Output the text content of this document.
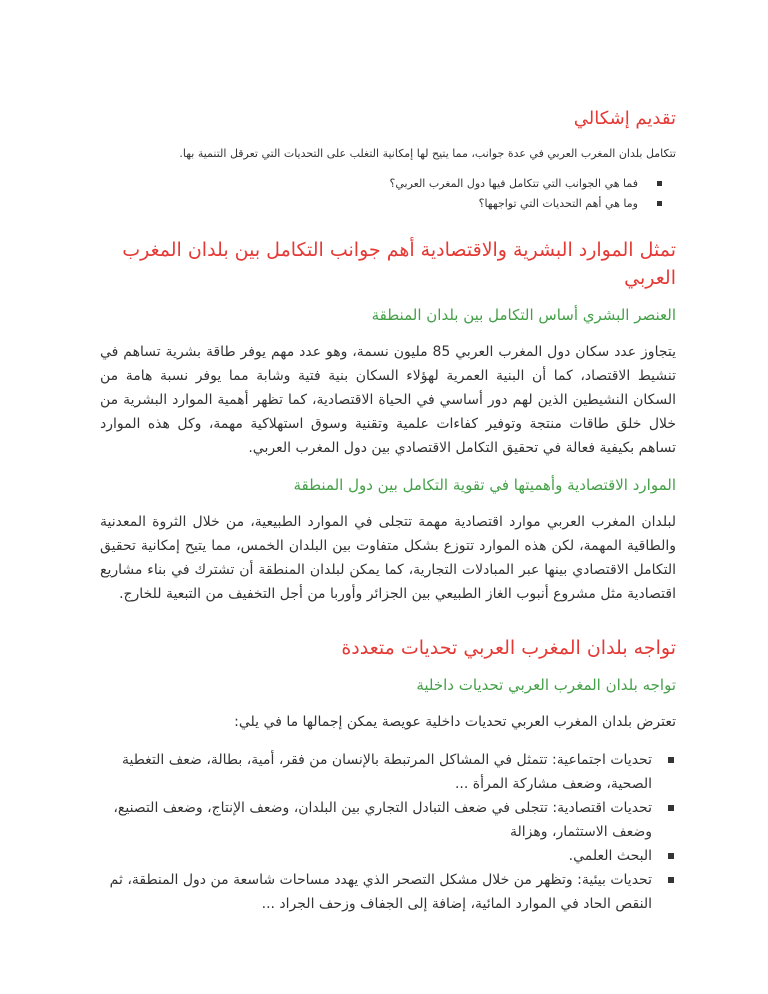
تقديم إشكالي

تتكامل بلدان المغرب العربي في عدة جوانب، مما يتيح لها إمكانية التغلب على التحديات التي تعرقل التنمية بها.

فما هي الجوانب التي تتكامل فيها دول المغرب العربي؟
وما هي أهم التحديات التي تواجهها؟
تمثل الموارد البشرية والاقتصادية أهم جوانب التكامل بين بلدان المغرب العربي
العنصر البشري أساس التكامل بين بلدان المنطقة

يتجاوز عدد سكان دول المغرب العربي 85 مليون نسمة، وهو عدد مهم يوفر طاقة بشرية تساهم في تنشيط الاقتصاد، كما أن البنية العمرية لهؤلاء السكان بنية فتية وشابة مما يوفر نسبة هامة من السكان النشيطين الذين لهم دور أساسي في الحياة الاقتصادية، كما تظهر أهمية الموارد البشرية من خلال خلق طاقات منتجة وتوفير كفاءات علمية وتقنية وسوق استهلاكية مهمة، وكل هذه الموارد تساهم بكيفية فعالة في تحقيق التكامل الاقتصادي بين دول المغرب العربي.

الموارد الاقتصادية وأهميتها في تقوية التكامل بين دول المنطقة

لبلدان المغرب العربي موارد اقتصادية مهمة تتجلى في الموارد الطبيعية، من خلال الثروة المعدنية والطاقية المهمة، لكن هذه الموارد تتوزع بشكل متفاوت بين البلدان الخمس، مما يتيح إمكانية تحقيق التكامل الاقتصادي بينها عبر المبادلات التجارية، كما يمكن لبلدان المنطقة أن تشترك في بناء مشاريع اقتصادية مثل مشروع أنبوب الغاز الطبيعي بين الجزائر وأوربا من أجل التخفيف من التبعية للخارج.

تواجه بلدان المغرب العربي تحديات متعددة
تواجه بلدان المغرب العربي تحديات داخلية

تعترض بلدان المغرب العربي تحديات داخلية عويصة يمكن إجمالها ما في يلي:

تحديات اجتماعية: تتمثل في المشاكل المرتبطة بالإنسان من فقر، أمية، بطالة، ضعف التغطية الصحية، وضعف مشاركة المرأة ...
تحديات اقتصادية: تتجلى في ضعف التبادل التجاري بين البلدان، وضعف الإنتاج، وضعف التصنيع، وضعف الاستثمار، وهزالة
البحث العلمي.
تحديات بيئية: وتظهر من خلال مشكل التصحر الذي يهدد مساحات شاسعة من دول المنطقة، ثم النقص الحاد في الموارد المائية، إضافة إلى الجفاف وزحف الجراد ...
